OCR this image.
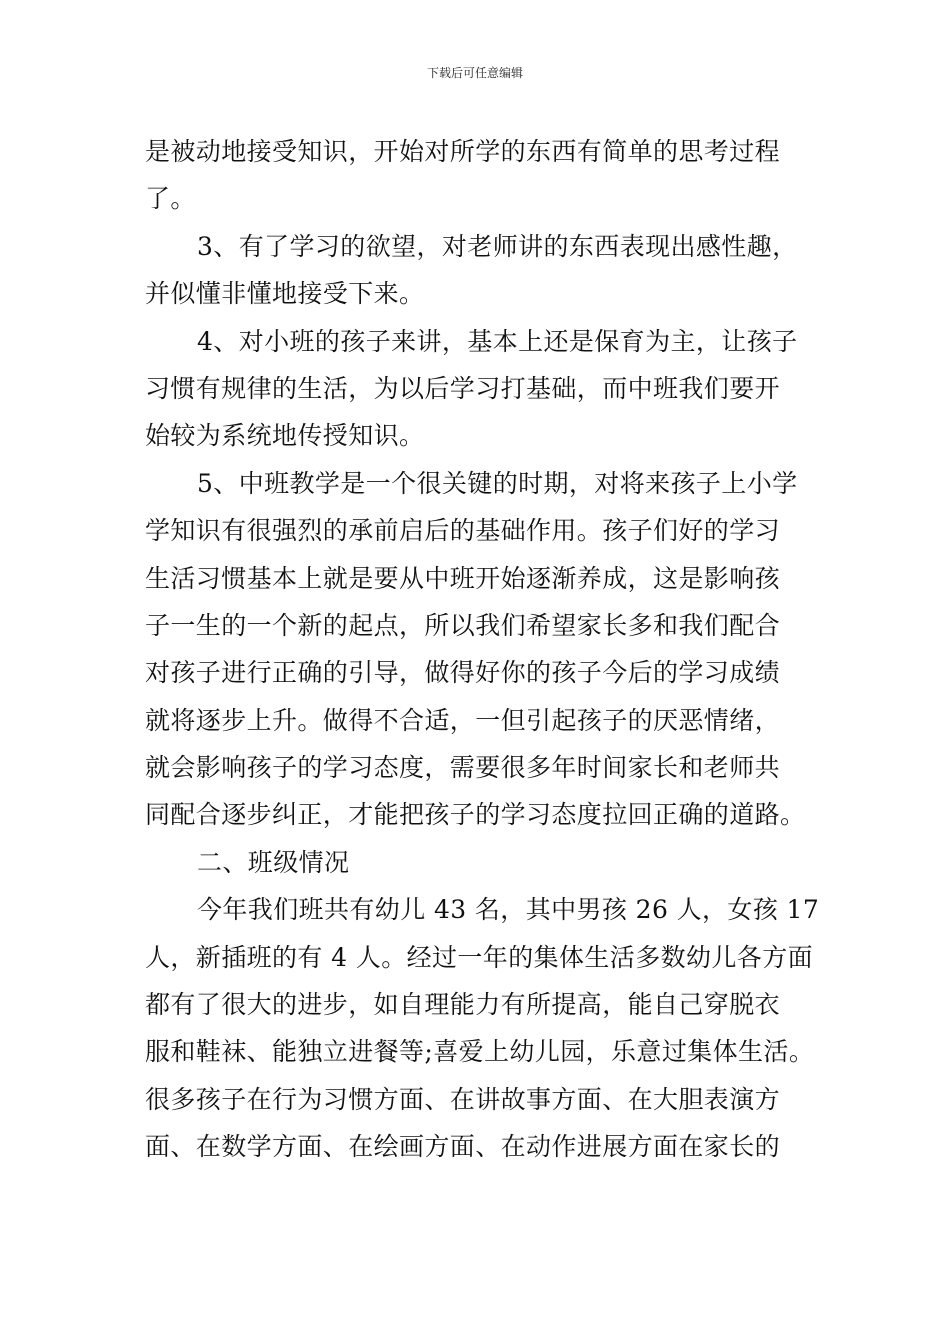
下载后可任意编辑
是被动地接受知识，开始对所学的东西有简单的思考过程
了。
3、有了学习的欲望，对老师讲的东西表现出感性趣，
并似懂非懂地接受下来。
4、对小班的孩子来讲，基本上还是保育为主，让孩子
习惯有规律的生活，为以后学习打基础，而中班我们要开
始较为系统地传授知识。
5、中班教学是一个很关键的时期，对将来孩子上小学
学知识有很强烈的承前启后的基础作用。孩子们好的学习
生活习惯基本上就是要从中班开始逐渐养成，这是影响孩
子一生的一个新的起点，所以我们希望家长多和我们配合
对孩子进行正确的引导，做得好你的孩子今后的学习成绩
就将逐步上升。做得不合适，一但引起孩子的厌恶情绪，
就会影响孩子的学习态度，需要很多年时间家长和老师共
同配合逐步纠正，才能把孩子的学习态度拉回正确的道路。
二、班级情况
今年我们班共有幼儿 43 名，其中男孩 26 人，女孩 17
人，新插班的有 4 人。经过一年的集体生活多数幼儿各方面
都有了很大的进步，如自理能力有所提高，能自己穿脱衣
服和鞋袜、能独立进餐等;喜爱上幼儿园，乐意过集体生活。
很多孩子在行为习惯方面、在讲故事方面、在大胆表演方
面、在数学方面、在绘画方面、在动作进展方面在家长的
